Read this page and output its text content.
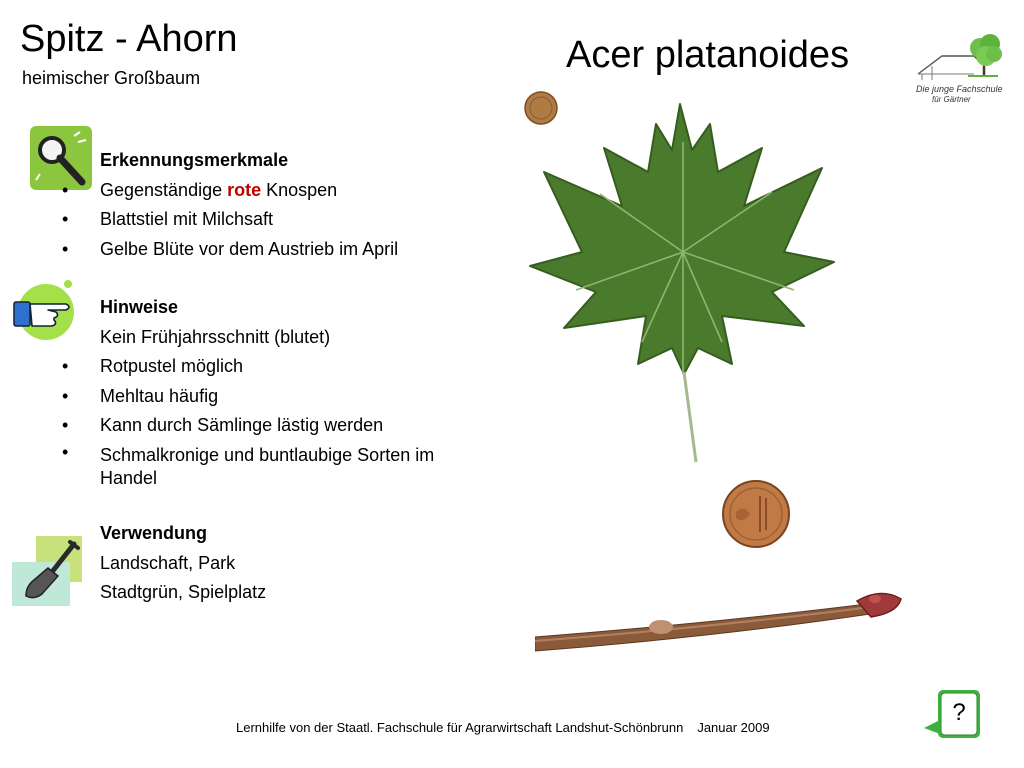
Spitz - Ahorn
heimischer Großbaum
Acer platanoides
Die junge Fachschule
für Gärtner
Erkennungsmerkmale
• Gegenständige rote Knospen
• Blattstiel mit Milchsaft
• Gelbe Blüte vor dem Austrieb im April
Hinweise
Kein Frühjahrsschnitt (blutet)
• Rotpustel möglich
• Mehltau häufig
• Kann durch Sämlinge lästig werden
• Schmalkronige und buntlaubige Sorten im Handel
Verwendung
Landschaft, Park
Stadtgrün, Spielplatz
Lernhilfe von der Staatl. Fachschule für Agrarwirtschaft Landshut-Schönbrunn Januar 2009
?
